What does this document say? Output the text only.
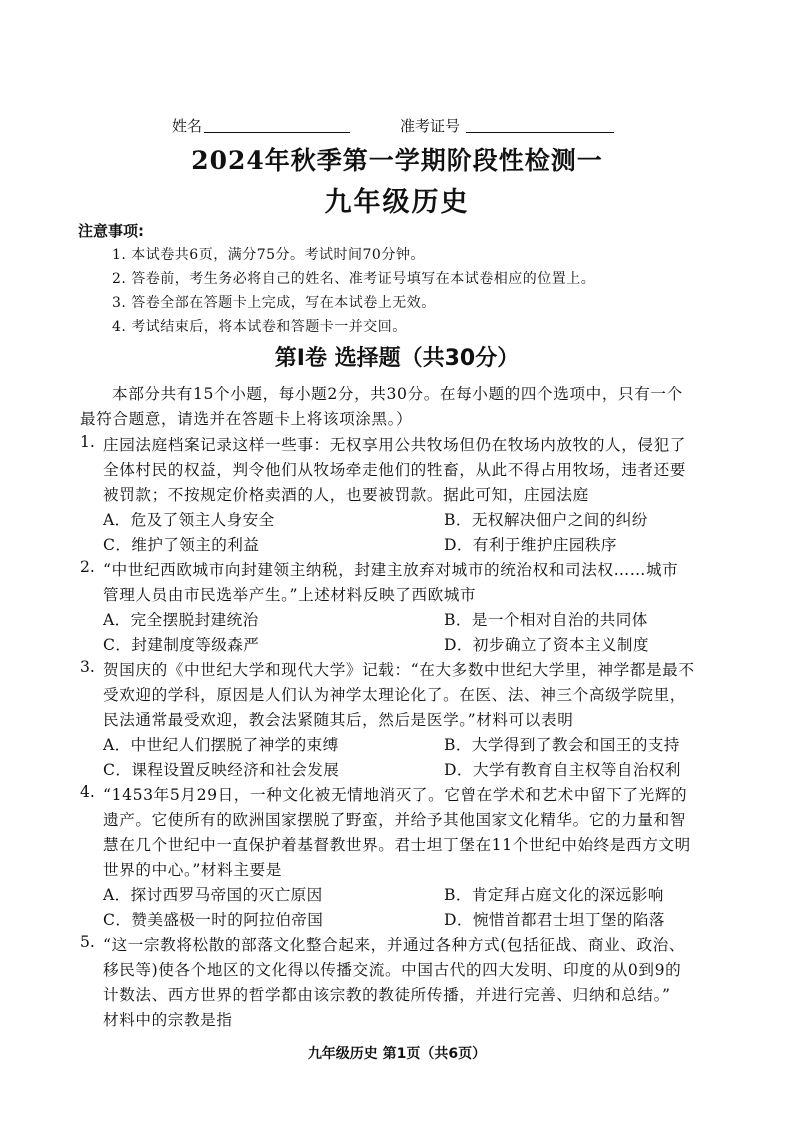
姓名	准考证号
2024年秋季第一学期阶段性检测一
九年级历史
注意事项:
1. 本试卷共6页，满分75分。考试时间70分钟。
2. 答卷前，考生务必将自己的姓名、准考证号填写在本试卷相应的位置上。
3. 答卷全部在答题卡上完成，写在本试卷上无效。
4. 考试结束后，将本试卷和答题卡一并交回。
第Ⅰ卷 选择题（共30分）
本部分共有15个小题，每小题2分，共30分。在每小题的四个选项中，只有一个
最符合题意，请选并在答题卡上将该项涂黑。）
1. 庄园法庭档案记录这样一些事：无权享用公共牧场但仍在牧场内放牧的人，侵犯了
全体村民的权益，判令他们从牧场牵走他们的牲畜，从此不得占用牧场，违者还要
被罚款；不按规定价格卖酒的人，也要被罚款。据此可知，庄园法庭
A．危及了领主人身安全	B．无权解决佃户之间的纠纷
C．维护了领主的利益	D．有利于维护庄园秩序
2. “中世纪西欧城市向封建领主纳税，封建主放弃对城市的统治权和司法权……城市
管理人员由市民选举产生。”上述材料反映了西欧城市
A．完全摆脱封建统治	B．是一个相对自治的共同体
C．封建制度等级森严	D．初步确立了资本主义制度
3. 贺国庆的《中世纪大学和现代大学》记载：“在大多数中世纪大学里，神学都是最不
受欢迎的学科，原因是人们认为神学太理论化了。在医、法、神三个高级学院里，
民法通常最受欢迎，教会法紧随其后，然后是医学。”材料可以表明
A．中世纪人们摆脱了神学的束缚	B．大学得到了教会和国王的支持
C．课程设置反映经济和社会发展	D．大学有教育自主权等自治权利
4. “1453年5月29日，一种文化被无情地消灭了。它曾在学术和艺术中留下了光辉的
遗产。它使所有的欧洲国家摆脱了野蛮，并给予其他国家文化精华。它的力量和智
慧在几个世纪中一直保护着基督教世界。君士坦丁堡在11个世纪中始终是西方文明
世界的中心。”材料主要是
A．探讨西罗马帝国的灭亡原因	B．肯定拜占庭文化的深远影响
C．赞美盛极一时的阿拉伯帝国	D．惋惜首都君士坦丁堡的陷落
5. “这一宗教将松散的部落文化整合起来，并通过各种方式(包括征战、商业、政治、
移民等)使各个地区的文化得以传播交流。中国古代的四大发明、印度的从0到9的
计数法、西方世界的哲学都由该宗教的教徒所传播，并进行完善、归纳和总结。”
材料中的宗教是指
九年级历史 第1页（共6页）
